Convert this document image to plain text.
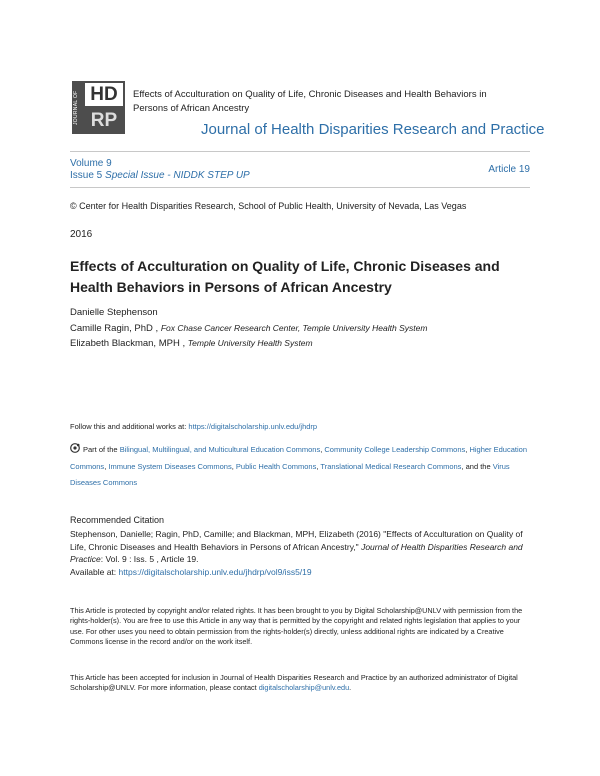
JOURNAL OF HD
RP
Effects of Acculturation on Quality of Life, Chronic Diseases and Health Behaviors in Persons of African Ancestry
Journal of Health Disparities Research and Practice
Volume 9
Issue 5 Special Issue - NIDDK STEP UP
Article 19
© Center for Health Disparities Research, School of Public Health, University of Nevada, Las Vegas
2016
Effects of Acculturation on Quality of Life, Chronic Diseases and Health Behaviors in Persons of African Ancestry
Danielle Stephenson
Camille Ragin, PhD , Fox Chase Cancer Research Center, Temple University Health System
Elizabeth Blackman, MPH , Temple University Health System
Follow this and additional works at: https://digitalscholarship.unlv.edu/jhdrp
Part of the Bilingual, Multilingual, and Multicultural Education Commons, Community College Leadership Commons, Higher Education Commons, Immune System Diseases Commons, Public Health Commons, Translational Medical Research Commons, and the Virus Diseases Commons
Recommended Citation
Stephenson, Danielle; Ragin, PhD, Camille; and Blackman, MPH, Elizabeth (2016) "Effects of Acculturation on Quality of Life, Chronic Diseases and Health Behaviors in Persons of African Ancestry," Journal of Health Disparities Research and Practice: Vol. 9 : Iss. 5 , Article 19.
Available at: https://digitalscholarship.unlv.edu/jhdrp/vol9/iss5/19
This Article is protected by copyright and/or related rights. It has been brought to you by Digital Scholarship@UNLV with permission from the rights-holder(s). You are free to use this Article in any way that is permitted by the copyright and related rights legislation that applies to your use. For other uses you need to obtain permission from the rights-holder(s) directly, unless additional rights are indicated by a Creative Commons license in the record and/or on the work itself.
This Article has been accepted for inclusion in Journal of Health Disparities Research and Practice by an authorized administrator of Digital Scholarship@UNLV. For more information, please contact digitalscholarship@unlv.edu.
